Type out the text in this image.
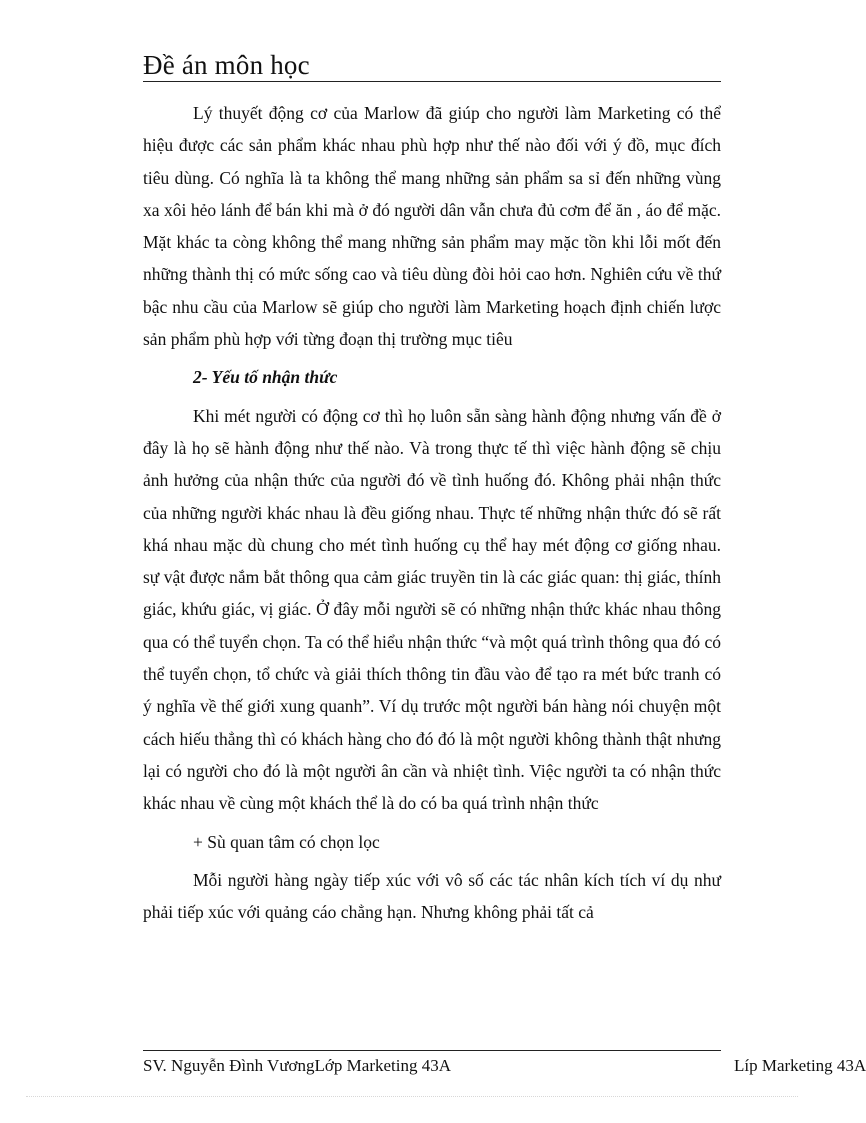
Đề án môn học

Lý thuyết động cơ của Marlow đã giúp cho người làm Marketing có thể hiệu được các sản phẩm khác nhau phù hợp như thế nào đối với ý đồ, mục đích tiêu dùng. Có nghĩa là ta không thể mang những sản phẩm sa sỉ đến những vùng xa xôi hẻo lánh để bán khi mà ở đó người dân vẫn chưa đủ cơm để ăn , áo để mặc. Mặt khác ta còng không thể mang những sản phẩm may mặc tồn khi lỗi mốt đến những thành thị có mức sống cao và tiêu dùng đòi hỏi cao hơn. Nghiên cứu về thứ bậc nhu cầu của Marlow sẽ giúp cho người làm Marketing hoạch định chiến lược sản phẩm phù hợp với từng đoạn thị trường mục tiêu

2- Yếu tố nhận thức

Khi mét người có động cơ thì họ luôn sẵn sàng hành động nhưng vấn đề ở đây là họ sẽ hành động như thế nào. Và trong thực tế thì việc hành động sẽ chịu ảnh hưởng của nhận thức của người đó về tình huống đó. Không phải nhận thức của những người khác nhau là đều giống nhau. Thực tế những nhận thức đó sẽ rất khá nhau mặc dù chung cho mét tình huống cụ thể hay mét động cơ giống nhau. sự vật được nắm bắt thông qua cảm giác truyền tin là các giác quan: thị giác, thính giác, khứu giác, vị giác. Ở đây mỗi người sẽ có những nhận thức khác nhau thông qua có thể tuyển chọn. Ta có thể hiểu nhận thức “và một quá trình thông qua đó có thể tuyển chọn, tổ chức và giải thích thông tin đầu vào để tạo ra mét bức tranh có ý nghĩa về thế giới xung quanh”. Ví dụ trước một người bán hàng nói chuyện một cách hiếu thẳng thì có khách hàng cho đó đó là một người không thành thật nhưng lại có người cho đó là một người ân cần và nhiệt tình. Việc người ta có nhận thức khác nhau về cùng một khách thể là do có ba quá trình nhận thức

+ Sù quan tâm có chọn lọc

Mỗi người hàng ngày tiếp xúc với vô số các tác nhân kích tích ví dụ như phải tiếp xúc với quảng cáo chẳng hạn. Nhưng không phải tất cả

SV. Nguyễn Đình VươngLớp Marketing 43A	Líp Marketing 43A
